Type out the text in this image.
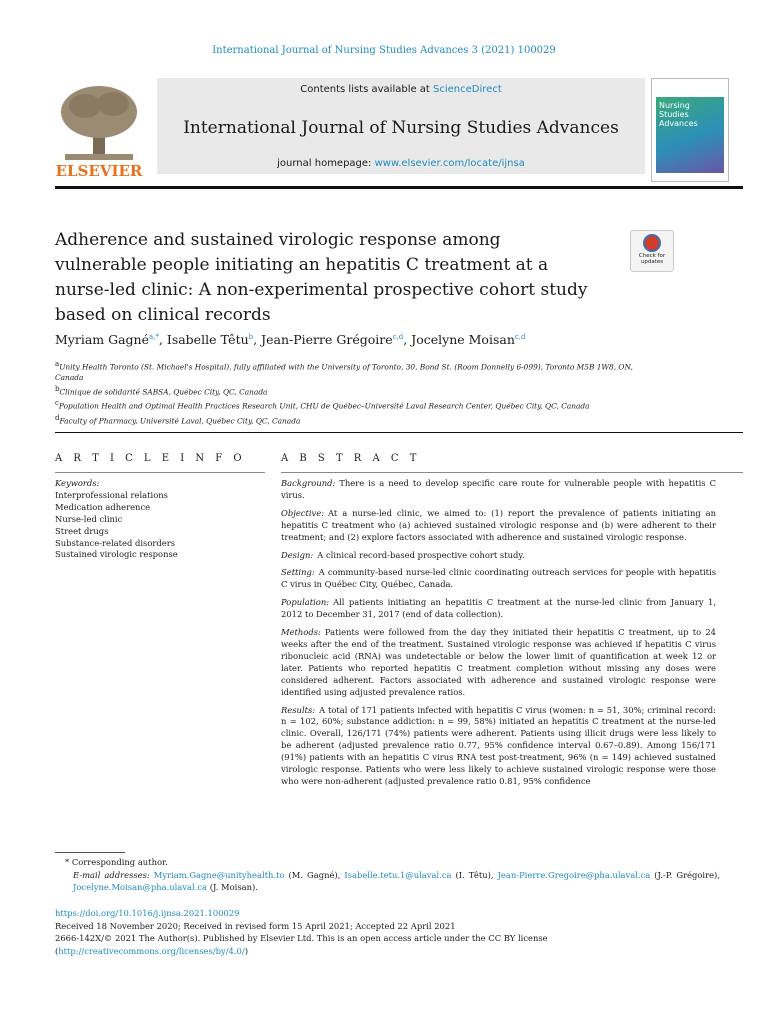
International Journal of Nursing Studies Advances 3 (2021) 100029
ELSEVIER
Contents lists available at ScienceDirect
International Journal of Nursing Studies Advances
journal homepage: www.elsevier.com/locate/ijnsa
Nursing
Studies
Advances
Adherence and sustained virologic response among vulnerable people initiating an hepatitis C treatment at a nurse-led clinic: A non-experimental prospective cohort study based on clinical records
Check for
updates
Myriam Gagné$^{a,*}$, Isabelle Têtu$^b$, Jean-Pierre Grégoire$^{c,d}$, Jocelyne Moisan$^{c,d}$
$^a$Unity Health Toronto (St. Michael's Hospital), fully affiliated with the University of Toronto, 30, Bond St. (Room Donnelly 6-099), Toronto M5B 1W8, ON, Canada
$^b$Clinique de solidarité SABSA, Québec City, QC, Canada
$^c$Population Health and Optimal Health Practices Research Unit, CHU de Québec–Université Laval Research Center, Québec City, QC, Canada
$^d$Faculty of Pharmacy, Université Laval, Québec City, QC, Canada
A R T I C L E I N F O	A B S T R A C T
Keywords:
Interprofessional relations
Medication adherence
Nurse-led clinic
Street drugs
Substance-related disorders
Sustained virologic response

Background: There is a need to develop specific care route for vulnerable people with hepatitis C virus.

Objective: At a nurse-led clinic, we aimed to: (1) report the prevalence of patients initiating an hepatitis C treatment who (a) achieved sustained virologic response and (b) were adherent to their treatment; and (2) explore factors associated with adherence and sustained virologic response.

Design: A clinical record-based prospective cohort study.

Setting: A community-based nurse-led clinic coordinating outreach services for people with hepatitis C virus in Québec City, Québec, Canada.

Population: All patients initiating an hepatitis C treatment at the nurse-led clinic from January 1, 2012 to December 31, 2017 (end of data collection).

Methods: Patients were followed from the day they initiated their hepatitis C treatment, up to 24 weeks after the end of the treatment. Sustained virologic response was achieved if hepatitis C virus ribonucleic acid (RNA) was undetectable or below the lower limit of quantification at week 12 or later. Patients who reported hepatitis C treatment completion without missing any doses were considered adherent. Factors associated with adherence and sustained virologic response were identified using adjusted prevalence ratios.

Results: A total of 171 patients infected with hepatitis C virus (women: n = 51, 30%; criminal record: n = 102, 60%; substance addiction: n = 99, 58%) initiated an hepatitis C treatment at the nurse-led clinic. Overall, 126/171 (74%) patients were adherent. Patients using illicit drugs were less likely to be adherent (adjusted prevalence ratio 0.77, 95% confidence interval 0.67–0.89). Among 156/171 (91%) patients with an hepatitis C virus RNA test post-treatment, 96% (n = 149) achieved sustained virologic response. Patients who were less likely to achieve sustained virologic response were those who were non-adherent (adjusted prevalence ratio 0.81, 95% confidence

* Corresponding author.
E-mail addresses: Myriam.Gagne@unityhealth.to (M. Gagné), Isabelle.tetu.1@ulaval.ca (I. Têtu), Jean-Pierre.Gregoire@pha.ulaval.ca (J.-P. Grégoire), Jocelyne.Moisan@pha.ulaval.ca (J. Moisan).
https://doi.org/10.1016/j.ijnsa.2021.100029
Received 18 November 2020; Received in revised form 15 April 2021; Accepted 22 April 2021
2666-142X/© 2021 The Author(s). Published by Elsevier Ltd. This is an open access article under the CC BY license
(http://creativecommons.org/licenses/by/4.0/)
